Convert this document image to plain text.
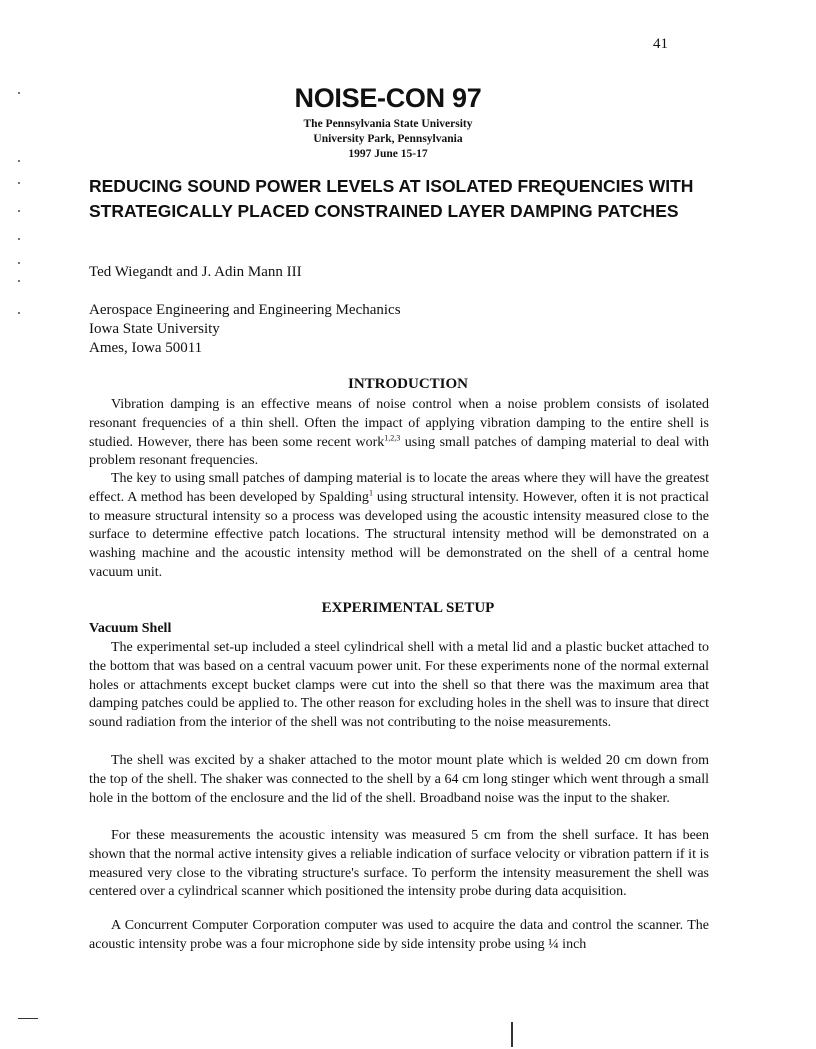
41
NOISE-CON 97
The Pennsylvania State University
University Park, Pennsylvania
1997 June 15-17
REDUCING SOUND POWER LEVELS AT ISOLATED FREQUENCIES WITH STRATEGICALLY PLACED CONSTRAINED LAYER DAMPING PATCHES
Ted Wiegandt and J. Adin Mann III
Aerospace Engineering and Engineering Mechanics
Iowa State University
Ames, Iowa 50011
INTRODUCTION

Vibration damping is an effective means of noise control when a noise problem consists of isolated resonant frequencies of a thin shell. Often the impact of applying vibration damping to the entire shell is studied. However, there has been some recent work$^{1,2,3}$ using small patches of damping material to deal with problem resonant frequencies.

The key to using small patches of damping material is to locate the areas where they will have the greatest effect. A method has been developed by Spalding$^1$ using structural intensity. However, often it is not practical to measure structural intensity so a process was developed using the acoustic intensity measured close to the surface to determine effective patch locations. The structural intensity method will be demonstrated on a washing machine and the acoustic intensity method will be demonstrated on the shell of a central home vacuum unit.

EXPERIMENTAL SETUP
Vacuum Shell

The experimental set-up included a steel cylindrical shell with a metal lid and a plastic bucket attached to the bottom that was based on a central vacuum power unit. For these experiments none of the normal external holes or attachments except bucket clamps were cut into the shell so that there was the maximum area that damping patches could be applied to. The other reason for excluding holes in the shell was to insure that direct sound radiation from the interior of the shell was not contributing to the noise measurements.

The shell was excited by a shaker attached to the motor mount plate which is welded 20 cm down from the top of the shell. The shaker was connected to the shell by a 64 cm long stinger which went through a small hole in the bottom of the enclosure and the lid of the shell. Broadband noise was the input to the shaker.

For these measurements the acoustic intensity was measured 5 cm from the shell surface. It has been shown that the normal active intensity gives a reliable indication of surface velocity or vibration pattern if it is measured very close to the vibrating structure's surface. To perform the intensity measurement the shell was centered over a cylindrical scanner which positioned the intensity probe during data acquisition.

A Concurrent Computer Corporation computer was used to acquire the data and control the scanner. The acoustic intensity probe was a four microphone side by side intensity probe using ¼ inch
